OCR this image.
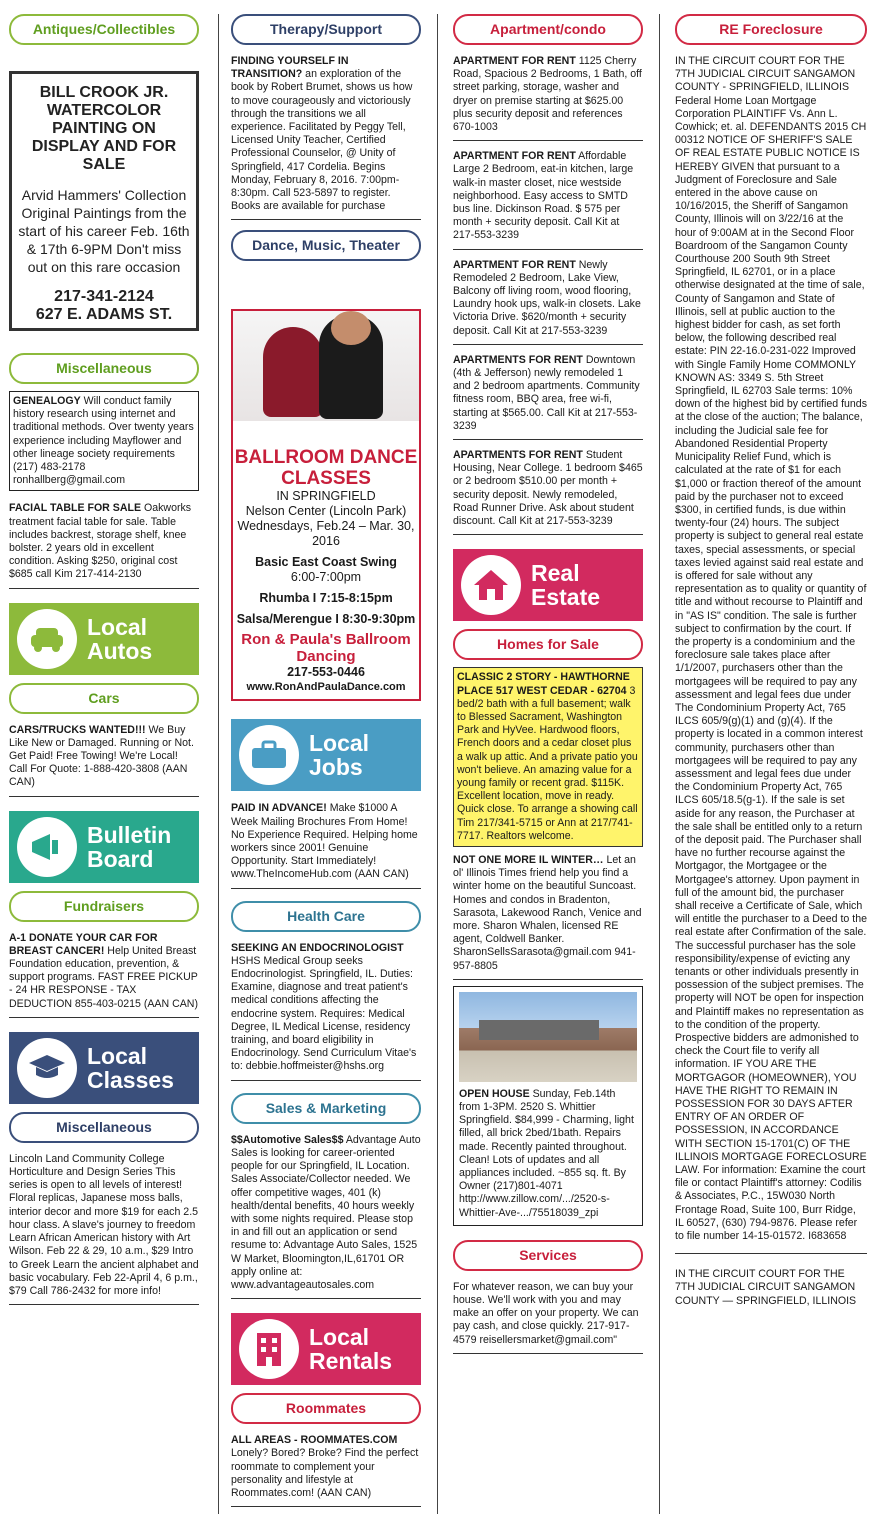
Antiques/Collectibles
BILL CROOK JR. WATERCOLOR PAINTING ON DISPLAY AND FOR SALE
Arvid Hammers' Collection Original Paintings from the start of his career Feb. 16th & 17th 6-9PM Don't miss out on this rare occasion
217-341-2124
627 E. ADAMS ST.
Miscellaneous
GENEALOGY Will conduct family history research using internet and traditional methods. Over twenty years experience including Mayflower and other lineage society requirements (217) 483-2178 ronhallberg@gmail.com
FACIAL TABLE FOR SALE Oakworks treatment facial table for sale. Table includes backrest, storage shelf, knee bolster. 2 years old in excellent condition. Asking $250, original cost $685 call Kim 217-414-2130
Local Autos
Cars
CARS/TRUCKS WANTED!!! We Buy Like New or Damaged. Running or Not. Get Paid! Free Towing! We're Local! Call For Quote: 1-888-420-3808 (AAN CAN)
Bulletin Board
Fundraisers
A-1 DONATE YOUR CAR FOR BREAST CANCER! Help United Breast Foundation education, prevention, & support programs. FAST FREE PICKUP - 24 HR RESPONSE - TAX DEDUCTION 855-403-0215 (AAN CAN)
Local Classes
Miscellaneous
Lincoln Land Community College Horticulture and Design Series This series is open to all levels of interest! Floral replicas, Japanese moss balls, interior decor and more $19 for each 2.5 hour class. A slave's journey to freedom Learn African American history with Art Wilson. Feb 22 & 29, 10 a.m., $29 Intro to Greek Learn the ancient alphabet and basic vocabulary. Feb 22-April 4, 6 p.m., $79 Call 786-2432 for more info!
Therapy/Support
FINDING YOURSELF IN TRANSITION? an exploration of the book by Robert Brumet, shows us how to move courageously and victoriously through the transitions we all experience. Facilitated by Peggy Tell, Licensed Unity Teacher, Certified Professional Counselor, @ Unity of Springfield, 417 Cordelia. Begins Monday, February 8, 2016. 7:00pm-8:30pm. Call 523-5897 to register. Books are available for purchase
Dance, Music, Theater
BALLROOM DANCE CLASSES
IN SPRINGFIELD
Nelson Center (Lincoln Park)
Wednesdays, Feb.24 – Mar. 30, 2016
Basic East Coast Swing
6:00-7:00pm
Rhumba I 7:15-8:15pm
Salsa/Merengue I 8:30-9:30pm
Ron & Paula's Ballroom Dancing
217-553-0446
www.RonAndPaulaDance.com
Local Jobs
PAID IN ADVANCE! Make $1000 A Week Mailing Brochures From Home! No Experience Required. Helping home workers since 2001! Genuine Opportunity. Start Immediately! www.TheIncomeHub.com (AAN CAN)
Health Care
SEEKING AN ENDOCRINOLOGIST
HSHS Medical Group seeks Endocrinologist. Springfield, IL. Duties: Examine, diagnose and treat patient's medical conditions affecting the endocrine system. Requires: Medical Degree, IL Medical License, residency training, and board eligibility in Endocrinology. Send Curriculum Vitae's to: debbie.hoffmeister@hshs.org
Sales & Marketing
$$Automotive Sales$$ Advantage Auto Sales is looking for career-oriented people for our Springfield, IL Location. Sales Associate/Collector needed. We offer competitive wages, 401 (k) health/dental benefits, 40 hours weekly with some nights required. Please stop in and fill out an application or send resume to: Advantage Auto Sales, 1525 W Market, Bloomington,IL,61701 OR apply online at: www.advantageautosales.com
Local Rentals
Roommates
ALL AREAS - ROOMMATES.COM
Lonely? Bored? Broke? Find the perfect roommate to complement your personality and lifestyle at Roommates.com! (AAN CAN)
Apartment/condo
APARTMENT FOR RENT 1125 Cherry Road, Spacious 2 Bedrooms, 1 Bath, off street parking, storage, washer and dryer on premise starting at $625.00 plus security deposit and references 670-1003
APARTMENT FOR RENT Affordable Large 2 Bedroom, eat-in kitchen, large walk-in master closet, nice westside neighborhood. Easy access to SMTD bus line. Dickinson Road. $ 575 per month + security deposit. Call Kit at 217-553-3239
APARTMENT FOR RENT Newly Remodeled 2 Bedroom, Lake View, Balcony off living room, wood flooring, Laundry hook ups, walk-in closets. Lake Victoria Drive. $620/month + security deposit. Call Kit at 217-553-3239
APARTMENTS FOR RENT Downtown (4th & Jefferson) newly remodeled 1 and 2 bedroom apartments. Community fitness room, BBQ area, free wi-fi, starting at $565.00. Call Kit at 217-553-3239
APARTMENTS FOR RENT Student Housing, Near College. 1 bedroom $465 or 2 bedroom $510.00 per month + security deposit. Newly remodeled, Road Runner Drive. Ask about student discount. Call Kit at 217-553-3239
Real Estate
Homes for Sale
CLASSIC 2 STORY - HAWTHORNE PLACE 517 WEST CEDAR - 62704 3 bed/2 bath with a full basement; walk to Blessed Sacrament, Washington Park and HyVee. Hardwood floors, French doors and a cedar closet plus a walk up attic. And a private patio you won't believe. An amazing value for a young family or recent grad. $115K. Excellent location, move in ready. Quick close. To arrange a showing call Tim 217/341-5715 or Ann at 217/741-7717. Realtors welcome.
NOT ONE MORE IL WINTER… Let an ol' Illinois Times friend help you find a winter home on the beautiful Suncoast. Homes and condos in Bradenton, Sarasota, Lakewood Ranch, Venice and more. Sharon Whalen, licensed RE agent, Coldwell Banker. SharonSellsSarasota@gmail.com 941-957-8805
OPEN HOUSE Sunday, Feb.14th from 1-3PM. 2520 S. Whittier Springfield. $84,999 - Charming, light filled, all brick 2bed/1bath. Repairs made. Recently painted throughout. Clean! Lots of updates and all appliances included. ~855 sq. ft. By Owner (217)801-4071 http://www.zillow.com/.../2520-s-Whittier-Ave-.../75518039_zpi
Services
For whatever reason, we can buy your house. We'll work with you and may make an offer on your property. We can pay cash, and close quickly. 217-917-4579 reisellersmarket@gmail.com"
RE Foreclosure
IN THE CIRCUIT COURT FOR THE 7TH JUDICIAL CIRCUIT SANGAMON COUNTY - SPRINGFIELD, ILLINOIS Federal Home Loan Mortgage Corporation PLAINTIFF Vs. Ann L. Cowhick; et. al. DEFENDANTS 2015 CH 00312 NOTICE OF SHERIFF'S SALE OF REAL ESTATE PUBLIC NOTICE IS HEREBY GIVEN that pursuant to a Judgment of Foreclosure and Sale entered in the above cause on 10/16/2015, the Sheriff of Sangamon County, Illinois will on 3/22/16 at the hour of 9:00AM at in the Second Floor Boardroom of the Sangamon County Courthouse 200 South 9th Street Springfield, IL 62701, or in a place otherwise designated at the time of sale, County of Sangamon and State of Illinois, sell at public auction to the highest bidder for cash, as set forth below, the following described real estate: PIN 22-16.0-231-022 Improved with Single Family Home COMMONLY KNOWN AS: 3349 S. 5th Street Springfield, IL 62703 Sale terms: 10% down of the highest bid by certified funds at the close of the auction; The balance, including the Judicial sale fee for Abandoned Residential Property Municipality Relief Fund, which is calculated at the rate of $1 for each $1,000 or fraction thereof of the amount paid by the purchaser not to exceed $300, in certified funds, is due within twenty-four (24) hours. The subject property is subject to general real estate taxes, special assessments, or special taxes levied against said real estate and is offered for sale without any representation as to quality or quantity of title and without recourse to Plaintiff and in "AS IS" condition. The sale is further subject to confirmation by the court. If the property is a condominium and the foreclosure sale takes place after 1/1/2007, purchasers other than the mortgagees will be required to pay any assessment and legal fees due under The Condominium Property Act, 765 ILCS 605/9(g)(1) and (g)(4). If the property is located in a common interest community, purchasers other than mortgagees will be required to pay any assessment and legal fees due under the Condominium Property Act, 765 ILCS 605/18.5(g-1). If the sale is set aside for any reason, the Purchaser at the sale shall be entitled only to a return of the deposit paid. The Purchaser shall have no further recourse against the Mortgagor, the Mortgagee or the Mortgagee's attorney. Upon payment in full of the amount bid, the purchaser shall receive a Certificate of Sale, which will entitle the purchaser to a Deed to the real estate after Confirmation of the sale. The successful purchaser has the sole responsibility/expense of evicting any tenants or other individuals presently in possession of the subject premises. The property will NOT be open for inspection and Plaintiff makes no representation as to the condition of the property. Prospective bidders are admonished to check the Court file to verify all information. IF YOU ARE THE MORTGAGOR (HOMEOWNER), YOU HAVE THE RIGHT TO REMAIN IN POSSESSION FOR 30 DAYS AFTER ENTRY OF AN ORDER OF POSSESSION, IN ACCORDANCE WITH SECTION 15-1701(C) OF THE ILLINOIS MORTGAGE FORECLOSURE LAW. For information: Examine the court file or contact Plaintiff's attorney: Codilis & Associates, P.C., 15W030 North Frontage Road, Suite 100, Burr Ridge, IL 60527, (630) 794-9876. Please refer to file number 14-15-01572. I683658
IN THE CIRCUIT COURT FOR THE 7TH JUDICIAL CIRCUIT SANGAMON COUNTY — SPRINGFIELD, ILLINOIS
